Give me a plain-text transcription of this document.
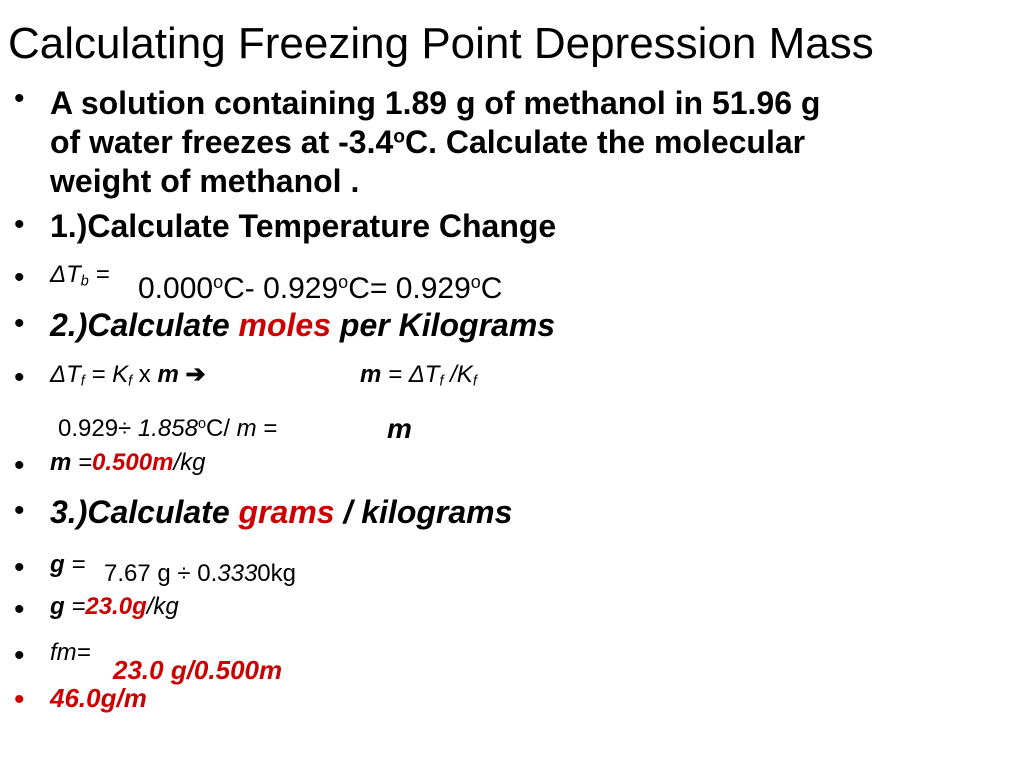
Calculating Freezing Point Depression Mass
• A solution containing 1.89 g of methanol in 51.96 g
of water freezes at -3.4$^o$C. Calculate the molecular
weight of methanol .
• 1.)Calculate Temperature Change
• $\Delta T_b = 0.000^oC-$ $0.929^oC= 0.929^oC$
• 2.)Calculate moles per Kilograms
• $\Delta T_f = K_f$ x m ➔	$m = \Delta T_f$ $/K_f$
$0.929\div 1.858^oC/$ m =	m
• m =0.500m/kg
• 3.)Calculate grams / kilograms
• g = 7.67 g ÷ 0.3330kg
• g =23.0g/kg
• fm=
23.0 g/0.500m
• 46.0g/m
